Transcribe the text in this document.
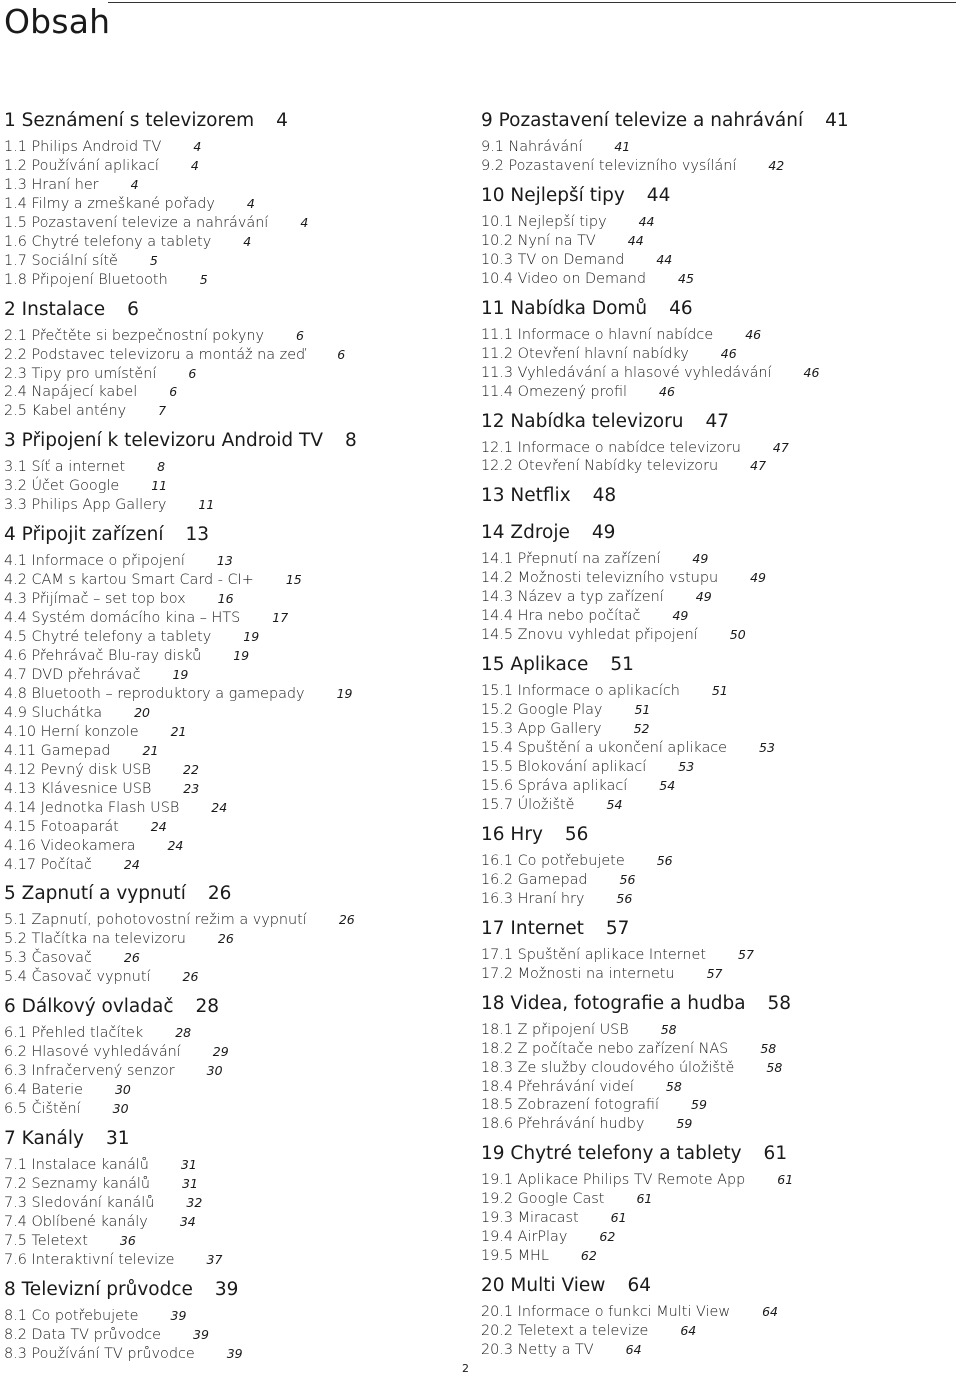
Obsah
1 Seznámení s televizorem 4
1.1 Philips Android TV	4
1.2 Používání aplikací	4
1.3 Hraní her	4
1.4 Filmy a zmeškané pořady	4
1.5 Pozastavení televize a nahrávání	4
1.6 Chytré telefony a tablety	4
1.7 Sociální sítě	5
1.8 Připojení Bluetooth	5
2 Instalace 6
2.1 Přečtěte si bezpečnostní pokyny	6
2.2 Podstavec televizoru a montáž na zeď	6
2.3 Tipy pro umístění	6
2.4 Napájecí kabel	6
2.5 Kabel antény	7
3 Připojení k televizoru Android TV 8
3.1 Síť a internet	8
3.2 Účet Google	11
3.3 Philips App Gallery	11
4 Připojit zařízení 13
4.1 Informace o připojení	13
4.2 CAM s kartou Smart Card - CI+	15
4.3 Přijímač – set top box	16
4.4 Systém domácího kina – HTS	17
4.5 Chytré telefony a tablety	19
4.6 Přehrávač Blu-ray disků	19
4.7 DVD přehrávač	19
4.8 Bluetooth – reproduktory a gamepady	19
4.9 Sluchátka	20
4.10 Herní konzole	21
4.11 Gamepad	21
4.12 Pevný disk USB	22
4.13 Klávesnice USB	23
4.14 Jednotka Flash USB	24
4.15 Fotoaparát	24
4.16 Videokamera	24
4.17 Počítač	24
5 Zapnutí a vypnutí 26
5.1 Zapnutí, pohotovostní režim a vypnutí	26
5.2 Tlačítka na televizoru	26
5.3 Časovač	26
5.4 Časovač vypnutí	26
6 Dálkový ovladač 28
6.1 Přehled tlačítek	28
6.2 Hlasové vyhledávání	29
6.3 Infračervený senzor	30
6.4 Baterie	30
6.5 Čištění	30
7 Kanály 31
7.1 Instalace kanálů	31
7.2 Seznamy kanálů	31
7.3 Sledování kanálů	32
7.4 Oblíbené kanály	34
7.5 Teletext	36
7.6 Interaktivní televize	37
8 Televizní průvodce 39
8.1 Co potřebujete	39
8.2 Data TV průvodce	39
8.3 Používání TV průvodce	39
9 Pozastavení televize a nahrávání 41
9.1 Nahrávání	41
9.2 Pozastavení televizního vysílání	42
10 Nejlepší tipy 44
10.1 Nejlepší tipy	44
10.2 Nyní na TV	44
10.3 TV on Demand	44
10.4 Video on Demand	45
11 Nabídka Domů 46
11.1 Informace o hlavní nabídce	46
11.2 Otevření hlavní nabídky	46
11.3 Vyhledávání a hlasové vyhledávání	46
11.4 Omezený profil	46
12 Nabídka televizoru 47
12.1 Informace o nabídce televizoru	47
12.2 Otevření Nabídky televizoru	47
13 Netflix 48
14 Zdroje 49
14.1 Přepnutí na zařízení	49
14.2 Možnosti televizního vstupu	49
14.3 Název a typ zařízení	49
14.4 Hra nebo počítač	49
14.5 Znovu vyhledat připojení	50
15 Aplikace 51
15.1 Informace o aplikacích	51
15.2 Google Play	51
15.3 App Gallery	52
15.4 Spuštění a ukončení aplikace	53
15.5 Blokování aplikací	53
15.6 Správa aplikací	54
15.7 Úložiště	54
16 Hry 56
16.1 Co potřebujete	56
16.2 Gamepad	56
16.3 Hraní hry	56
17 Internet 57
17.1 Spuštění aplikace Internet	57
17.2 Možnosti na internetu	57
18 Videa, fotografie a hudba 58
18.1 Z připojení USB	58
18.2 Z počítače nebo zařízení NAS	58
18.3 Ze služby cloudového úložiště	58
18.4 Přehrávání videí	58
18.5 Zobrazení fotografií	59
18.6 Přehrávání hudby	59
19 Chytré telefony a tablety 61
19.1 Aplikace Philips TV Remote App	61
19.2 Google Cast	61
19.3 Miracast	61
19.4 AirPlay	62
19.5 MHL	62
20 Multi View 64
20.1 Informace o funkci Multi View	64
20.2 Teletext a televize	64
20.3 Netty a TV	64
2
